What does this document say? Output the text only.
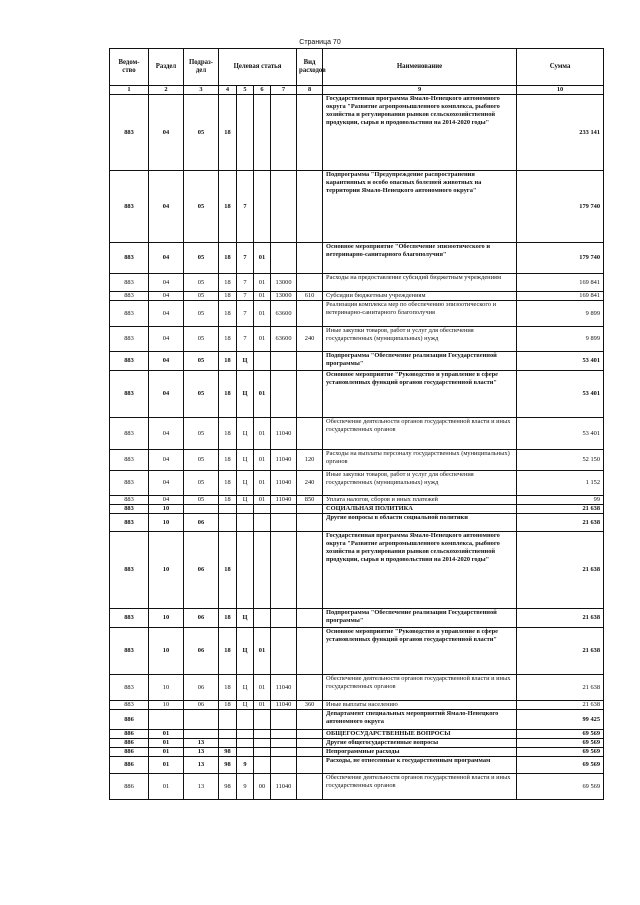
Страница 70
Ведом-ство	Раздел	Подраз-дел	Целевая статья				Вид расходов	Наименование	Сумма
1	2	3	4	5	6	7	8	9	10
883	04	05	18					Государственная программа Ямало-Ненецкого автономного округа "Развитие агропромышленного комплекса, рыбного хозяйства и регулирования рынков сельскохозяйственной продукции, сырья и продовольствия на 2014-2020 годы"	233 141
883	04	05	18	7				Подпрограмма "Предупреждение распространения карантинных и особо опасных болезней животных на территории Ямало-Ненецкого автономного округа"	179 740
883	04	05	18	7	01			Основное мероприятие "Обеспечение эпизоотического и ветеринарно-санитарного благополучия"	179 740
883	04	05	18	7	01	13000		Расходы на предоставление субсидий бюджетным учреждениям	169 841
883	04	05	18	7	01	13000	610	Субсидии бюджетным учреждениям	169 841
883	04	05	18	7	01	63600		Реализация комплекса мер по обеспечению эпизоотического и ветеринарно-санитарного благополучия	9 899
883	04	05	18	7	01	63600	240	Иные закупки товаров, работ и услуг для обеспечения государственных (муниципальных) нужд	9 899
883	04	05	18	Ц				Подпрограмма "Обеспечение реализации Государственной программы"	53 401
883	04	05	18	Ц	01			Основное мероприятие "Руководство и управление в сфере установленных функций органов государственной власти"	53 401
883	04	05	18	Ц	01	11040		Обеспечение деятельности органов государственной власти и иных государственных органов	53 401
883	04	05	18	Ц	01	11040	120	Расходы на выплаты персоналу государственных (муниципальных) органов	52 150
883	04	05	18	Ц	01	11040	240	Иные закупки товаров, работ и услуг для обеспечения государственных (муниципальных) нужд	1 152
883	04	05	18	Ц	01	11040	850	Уплата налогов, сборов и иных платежей	99
883	10							СОЦИАЛЬНАЯ ПОЛИТИКА	21 638
883	10	06						Другие вопросы в области социальной политики	21 638
883	10	06	18					Государственная программа Ямало-Ненецкого автономного округа "Развитие агропромышленного комплекса, рыбного хозяйства и регулирования рынков сельскохозяйственной продукции, сырья и продовольствия на 2014-2020 годы"	21 638
883	10	06	18	Ц				Подпрограмма "Обеспечение реализации Государственной программы"	21 638
883	10	06	18	Ц	01			Основное мероприятие "Руководство и управление в сфере установленных функций органов государственной власти"	21 638
883	10	06	18	Ц	01	11040		Обеспечение деятельности органов государственной власти и иных государственных органов	21 638
883	10	06	18	Ц	01	11040	360	Иные выплаты населению	21 638
886								Департамент специальных мероприятий Ямало-Ненецкого автономного округа	99 425
886	01							ОБЩЕГОСУДАРСТВЕННЫЕ ВОПРОСЫ	69 569
886	01	13						Другие общегосударственные вопросы	69 569
886	01	13	98					Непрограммные расходы	69 569
886	01	13	98	9				Расходы, не отнесенные к государственным программам	69 569
886	01	13	98	9	00	11040		Обеспечение деятельности органов государственной власти и иных государственных органов	69 569
